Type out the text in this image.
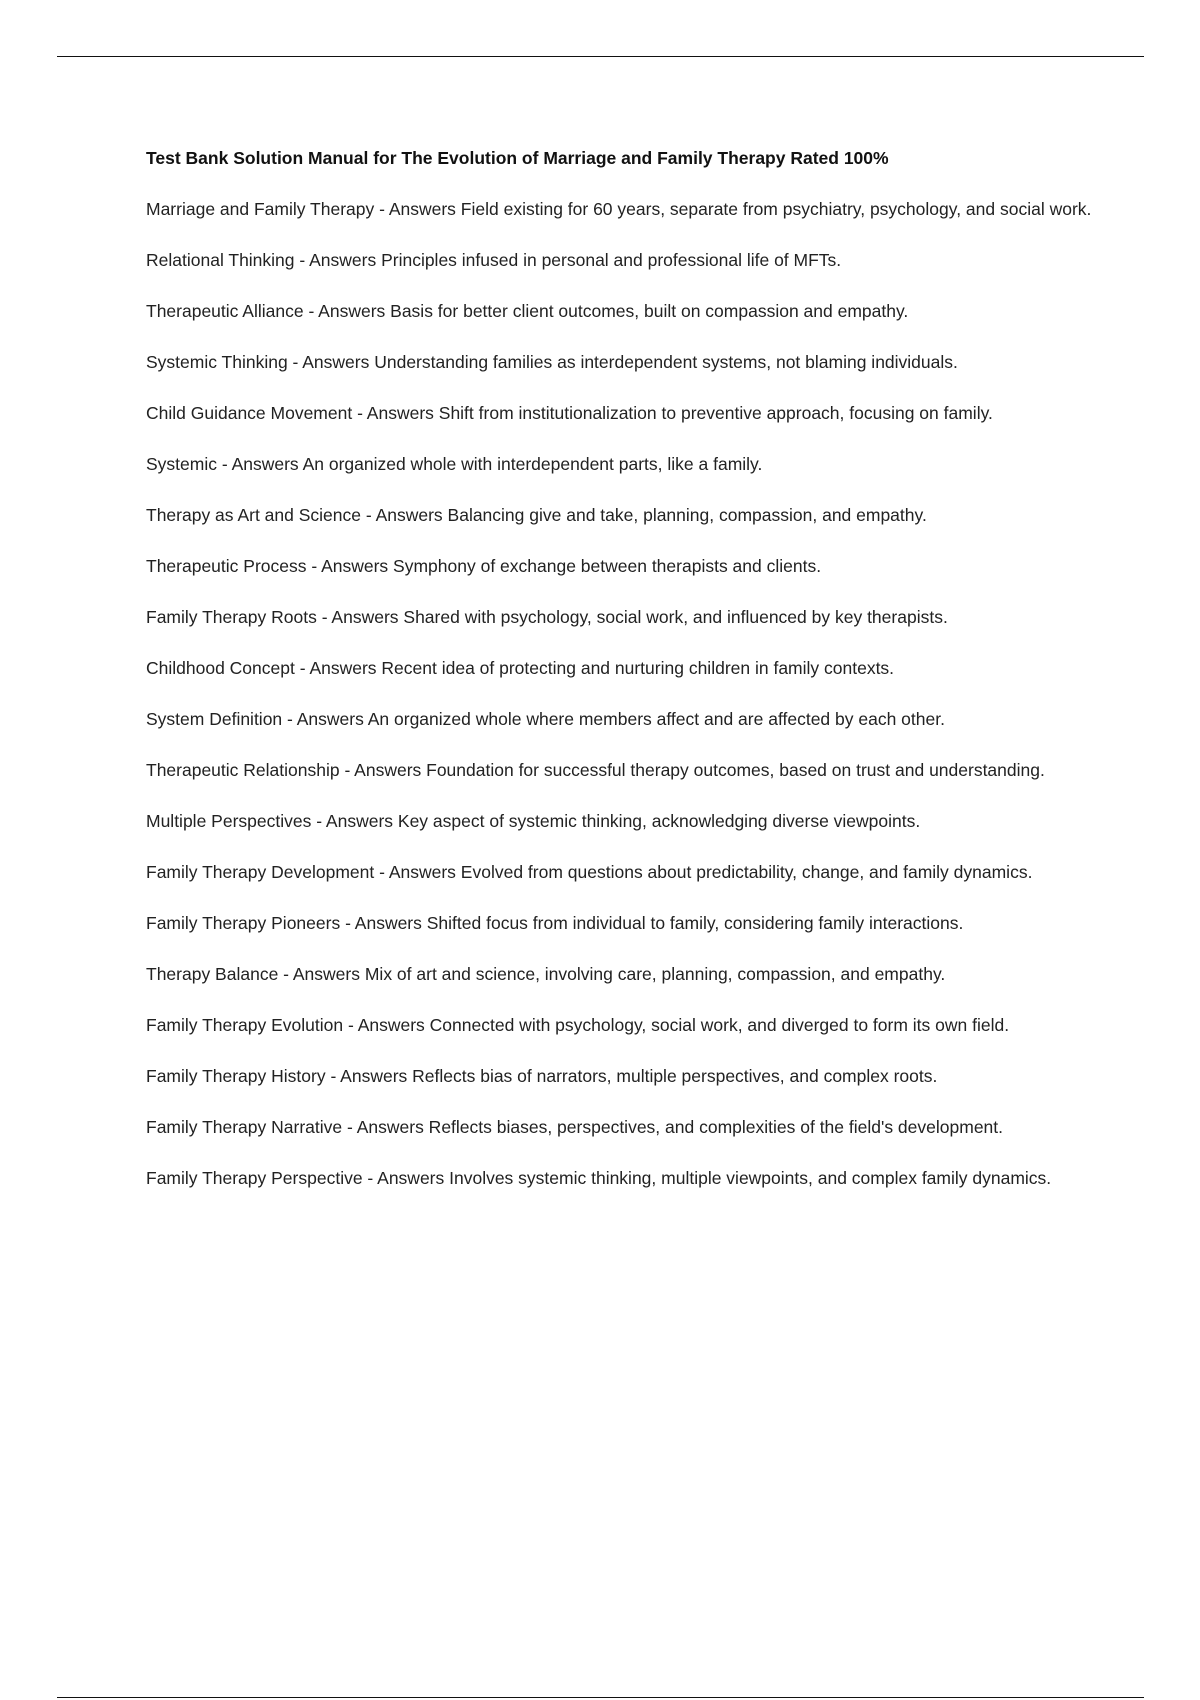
Test Bank Solution Manual for The Evolution of Marriage and Family Therapy Rated 100%

Marriage and Family Therapy - Answers Field existing for 60 years, separate from psychiatry, psychology, and social work.

Relational Thinking - Answers Principles infused in personal and professional life of MFTs.

Therapeutic Alliance - Answers Basis for better client outcomes, built on compassion and empathy.

Systemic Thinking - Answers Understanding families as interdependent systems, not blaming individuals.

Child Guidance Movement - Answers Shift from institutionalization to preventive approach, focusing on family.

Systemic - Answers An organized whole with interdependent parts, like a family.

Therapy as Art and Science - Answers Balancing give and take, planning, compassion, and empathy.

Therapeutic Process - Answers Symphony of exchange between therapists and clients.

Family Therapy Roots - Answers Shared with psychology, social work, and influenced by key therapists.

Childhood Concept - Answers Recent idea of protecting and nurturing children in family contexts.

System Definition - Answers An organized whole where members affect and are affected by each other.

Therapeutic Relationship - Answers Foundation for successful therapy outcomes, based on trust and understanding.

Multiple Perspectives - Answers Key aspect of systemic thinking, acknowledging diverse viewpoints.

Family Therapy Development - Answers Evolved from questions about predictability, change, and family dynamics.

Family Therapy Pioneers - Answers Shifted focus from individual to family, considering family interactions.

Therapy Balance - Answers Mix of art and science, involving care, planning, compassion, and empathy.

Family Therapy Evolution - Answers Connected with psychology, social work, and diverged to form its own field.

Family Therapy History - Answers Reflects bias of narrators, multiple perspectives, and complex roots.

Family Therapy Narrative - Answers Reflects biases, perspectives, and complexities of the field's development.

Family Therapy Perspective - Answers Involves systemic thinking, multiple viewpoints, and complex family dynamics.
